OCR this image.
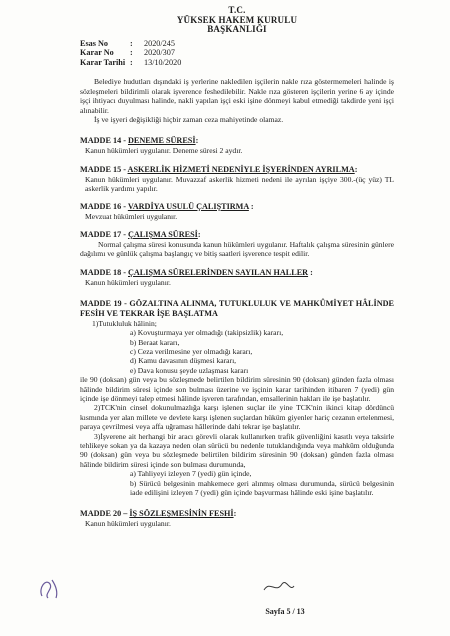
T.C.
YÜKSEK HAKEM KURULU
BAŞKANLIĞI
Esas No	:	2020/245
Karar No	:	2020/307
Karar Tarihi :	13/10/2020

Belediye hudutları dışındaki iş yerlerine nakledilen işçilerin nakle rıza göstermemeleri halinde iş sözleşmeleri bildirimli olarak işverence feshedilebilir. Nakle rıza gösteren işçilerin yerine 6 ay içinde işçi ihtiyacı duyulması halinde, nakli yapılan işçi eski işine dönmeyi kabul etmediği takdirde yeni işçi alınabilir.

İş ve işyeri değişikliği hiçbir zaman ceza mahiyetinde olamaz.

MADDE 14 - DENEME SÜRESİ:

Kanun hükümleri uygulanır. Deneme süresi 2 aydır.

MADDE 15 - ASKERLİK HİZMETİ NEDENİYLE İŞYERİNDEN AYRILMA:

Kanun hükümleri uygulanır. Muvazzaf askerlik hizmeti nedeni ile ayrılan işçiye 300.-(üç yüz) TL askerlik yardımı yapılır.

MADDE 16 - VARDİYA USULÜ ÇALIŞTIRMA :

Mevzuat hükümleri uygulanır.

MADDE 17 - ÇALIŞMA SÜRESİ:

Normal çalışma süresi konusunda kanun hükümleri uygulanır. Haftalık çalışma süresinin günlere dağılımı ve günlük çalışma başlangıç ve bitiş saatleri işverence tespit edilir.

MADDE 18 - ÇALIŞMA SÜRELERİNDEN SAYILAN HALLER :

Kanun hükümleri uygulanır.

MADDE 19 - GÖZALTINA ALINMA, TUTUKLULUK VE MAHKÛMİYET HÂLİNDE FESİH VE TEKRAR İŞE BAŞLATMA

1)Tutukluluk hâlinin;
a) Kovuşturmaya yer olmadığı (takipsizlik) kararı,
b) Beraat kararı,
c) Ceza verilmesine yer olmadığı kararı,
d) Kamu davasının düşmesi kararı,
e) Dava konusu şeyde uzlaşması kararı

ile 90 (doksan) gün veya bu sözleşmede belirtilen bildirim süresinin 90 (doksan) günden fazla olması hâlinde bildirim süresi içinde son bulması üzerine ve işçinin karar tarihinden itibaren 7 (yedi) gün içinde işe dönmeyi talep etmesi hâlinde işveren tarafından, emsallerinin hakları ile işe başlatılır.

2)TCK'nin cinsel dokunulmazlığa karşı işlenen suçlar ile yine TCK'nin ikinci kitap dördüncü kısmında yer alan millete ve devlete karşı işlenen suçlardan hüküm giyenler hariç cezanın ertelenmesi, paraya çevrilmesi veya affa uğraması hâllerinde dahi tekrar işe başlatılır.

3)İşverene ait herhangi bir aracı görevli olarak kullanırken trafik güvenliğini kasıtlı veya taksirle tehlikeye sokan ya da kazaya neden olan sürücü bu nedenle tutuklandığında veya mahkûm olduğunda 90 (doksan) gün veya bu sözleşmede belirtilen bildirim süresinin 90 (doksan) günden fazla olması hâlinde bildirim süresi içinde son bulması durumunda,

a) Tahliyeyi izleyen 7 (yedi) gün içinde,
b) Sürücü belgesinin mahkemece geri alınmış olması durumunda, sürücü belgesinin iade edilişini izleyen 7 (yedi) gün içinde başvurması hâlinde eski işine başlatılır.

MADDE 20 – İŞ SÖZLEŞMESİNİN FESHİ:

Kanun hükümleri uygulanır.

Sayfa 5 / 13
